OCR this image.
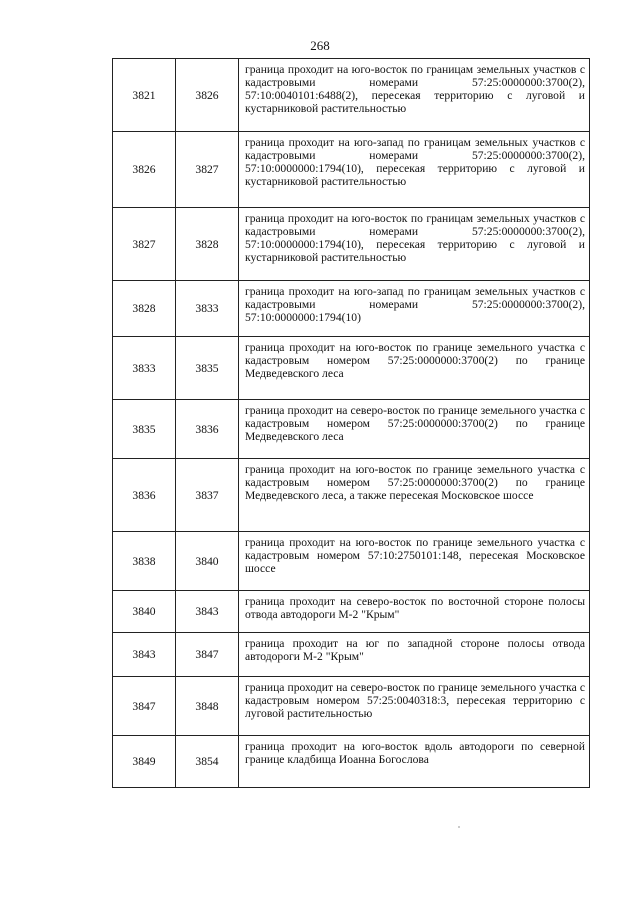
268
3821	3826	граница проходит на юго-восток по границам земельных участков с кадастровыми номерами 57:25:0000000:3700(2), 57:10:0040101:6488(2), пересекая территорию с луговой и кустарниковой растительностью

3826	3827	граница проходит на юго-запад по границам земельных участков с кадастровыми номерами 57:25:0000000:3700(2), 57:10:0000000:1794(10), пересекая территорию с луговой и кустарниковой растительностью

3827	3828	граница проходит на юго-восток по границам земельных участков с кадастровыми номерами 57:25:0000000:3700(2), 57:10:0000000:1794(10), пересекая территорию с луговой и кустарниковой растительностью

3828	3833	граница проходит на юго-запад по границам земельных участков с кадастровыми номерами 57:25:0000000:3700(2), 57:10:0000000:1794(10)

3833	3835	граница проходит на юго-восток по границе земельного участка с кадастровым номером 57:25:0000000:3700(2) по границе Медведевского леса

3835	3836	граница проходит на северо-восток по границе земельного участка с кадастровым номером 57:25:0000000:3700(2) по границе Медведевского леса

3836	3837	граница проходит на юго-восток по границе земельного участка с кадастровым номером 57:25:0000000:3700(2) по границе Медведевского леса, а также пересекая Московское шоссе

3838	3840	граница проходит на юго-восток по границе земельного участка с кадастровым номером 57:10:2750101:148, пересекая Московское шоссе

3840	3843	граница проходит на северо-восток по восточной стороне полосы отвода автодороги М-2 "Крым"

3843	3847	граница проходит на юг по западной стороне полосы отвода автодороги М-2 "Крым"

3847	3848	граница проходит на северо-восток по границе земельного участка с кадастровым номером 57:25:0040318:3, пересекая территорию с луговой растительностью

3849	3854	граница проходит на юго-восток вдоль автодороги по северной границе кладбища Иоанна Богослова
